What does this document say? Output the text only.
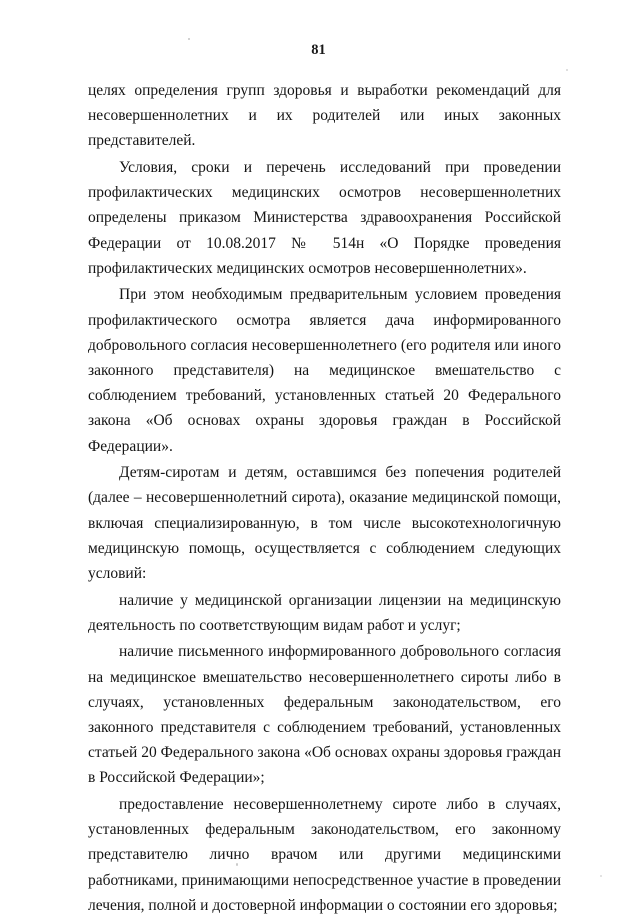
81

целях определения групп здоровья и выработки рекомендаций для несовершеннолетних и их родителей или иных законных представителей.

Условия, сроки и перечень исследований при проведении профилактических медицинских осмотров несовершеннолетних определены приказом Министерства здравоохранения Российской Федерации от 10.08.2017 № 514н «О Порядке проведения профилактических медицинских осмотров несовершеннолетних».

При этом необходимым предварительным условием проведения профилактического осмотра является дача информированного добровольного согласия несовершеннолетнего (его родителя или иного законного представителя) на медицинское вмешательство с соблюдением требований, установленных статьей 20 Федерального закона «Об основах охраны здоровья граждан в Российской Федерации».

Детям-сиротам и детям, оставшимся без попечения родителей (далее – несовершеннолетний сирота), оказание медицинской помощи, включая специализированную, в том числе высокотехнологичную медицинскую помощь, осуществляется с соблюдением следующих условий:

наличие у медицинской организации лицензии на медицинскую деятельность по соответствующим видам работ и услуг;

наличие письменного информированного добровольного согласия на медицинское вмешательство несовершеннолетнего сироты либо в случаях, установленных федеральным законодательством, его законного представителя с соблюдением требований, установленных статьей 20 Федерального закона «Об основах охраны здоровья граждан в Российской Федерации»;

предоставление несовершеннолетнему сироте либо в случаях, установленных федеральным законодательством, его законному представителю лично врачом или другими медицинскими работниками, принимающими непосредственное участие в проведении лечения, полной и достоверной информации о состоянии его здоровья;
